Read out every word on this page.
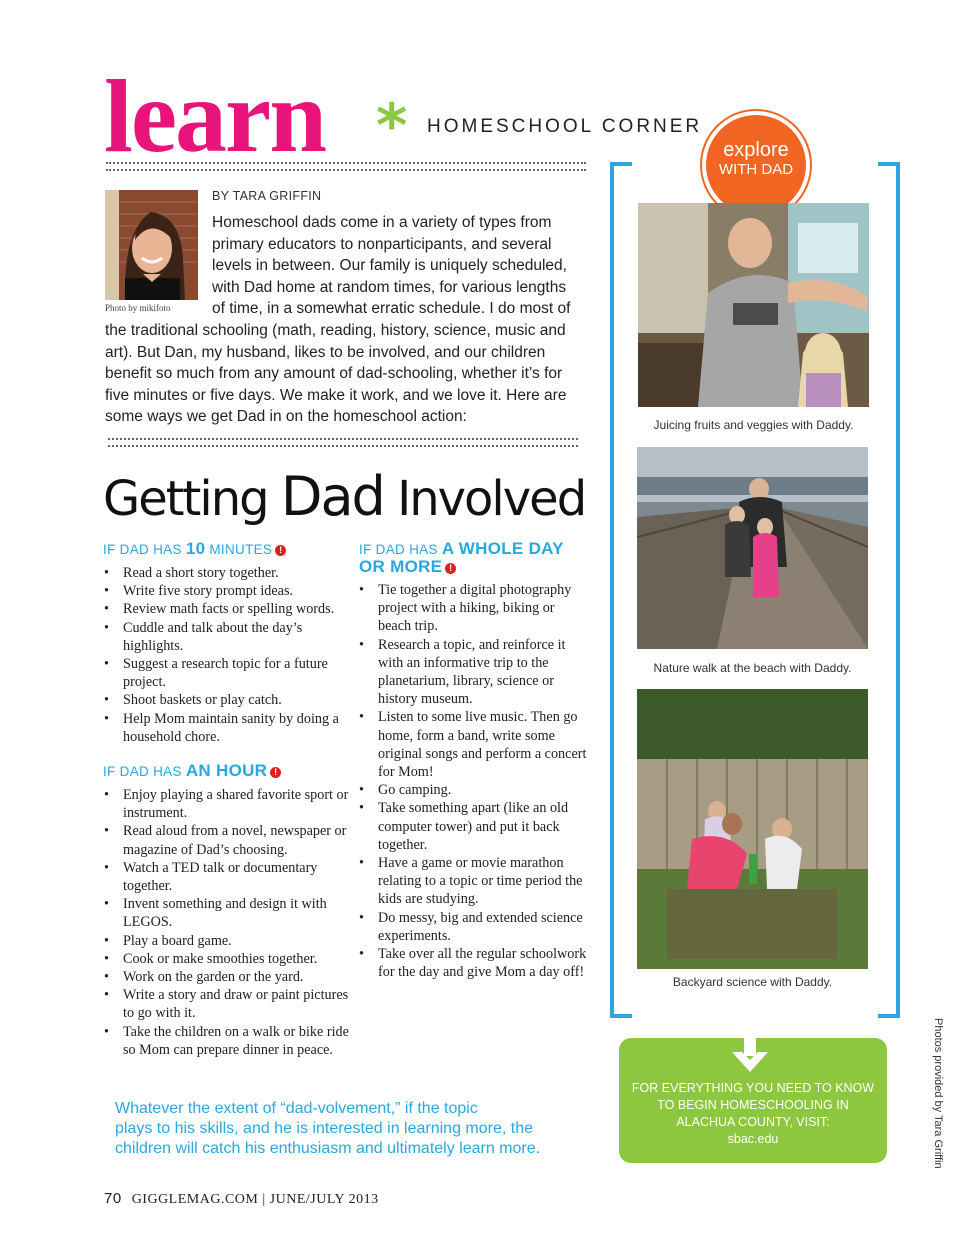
learn * HOMESCHOOL CORNER
Photo by mikifoto
BY TARA GRIFFIN
Homeschool dads come in a variety of types from
primary educators to nonparticipants, and several
levels in between. Our family is uniquely scheduled,
with Dad home at random times, for various lengths
of time, in a somewhat erratic schedule. I do most of
the traditional schooling (math, reading, history, science, music and
art). But Dan, my husband, likes to be involved, and our children
benefit so much from any amount of dad-schooling, whether it’s for
five minutes or five days. We make it work, and we love it. Here are
some ways we get Dad in on the homeschool action:
Getting Dad Involved
IF DAD HAS 10 MINUTES !
• Read a short story together.
• Write five story prompt ideas.
• Review math facts or spelling words.
• Cuddle and talk about the day’s highlights.
• Suggest a research topic for a future project.
• Shoot baskets or play catch.
• Help Mom maintain sanity by doing a household chore.
IF DAD HAS AN HOUR !
• Enjoy playing a shared favorite sport or instrument.
• Read aloud from a novel, newspaper or magazine of Dad’s choosing.
• Watch a TED talk or documentary together.
• Invent something and design it with LEGOS.
• Play a board game.
• Cook or make smoothies together.
• Work on the garden or the yard.
• Write a story and draw or paint pictures to go with it.
• Take the children on a walk or bike ride so Mom can prepare dinner in peace.
IF DAD HAS A WHOLE DAY
OR MORE !
• Tie together a digital photography project with a hiking, biking or beach trip.
• Research a topic, and reinforce it with an informative trip to the planetarium, library, science or history museum.
• Listen to some live music. Then go home, form a band, write some original songs and perform a concert for Mom!
• Go camping.
• Take something apart (like an old computer tower) and put it back together.
• Have a game or movie marathon relating to a topic or time period the kids are studying.
• Do messy, big and extended science experiments.
• Take over all the regular schoolwork for the day and give Mom a day off!
Whatever the extent of “dad-volvement,” if the topic
plays to his skills, and he is interested in learning more, the
children will catch his enthusiasm and ultimately learn more.
70 GIGGLEMAG.COM | JUNE/JULY 2013
explore
WITH DAD
Juicing fruits and veggies with Daddy.
Nature walk at the beach with Daddy.
Backyard science with Daddy.
FOR EVERYTHING YOU NEED TO KNOW
TO BEGIN HOMESCHOOLING IN
ALACHUA COUNTY, VISIT:
sbac.edu	Photos provided by Tara Griffin
